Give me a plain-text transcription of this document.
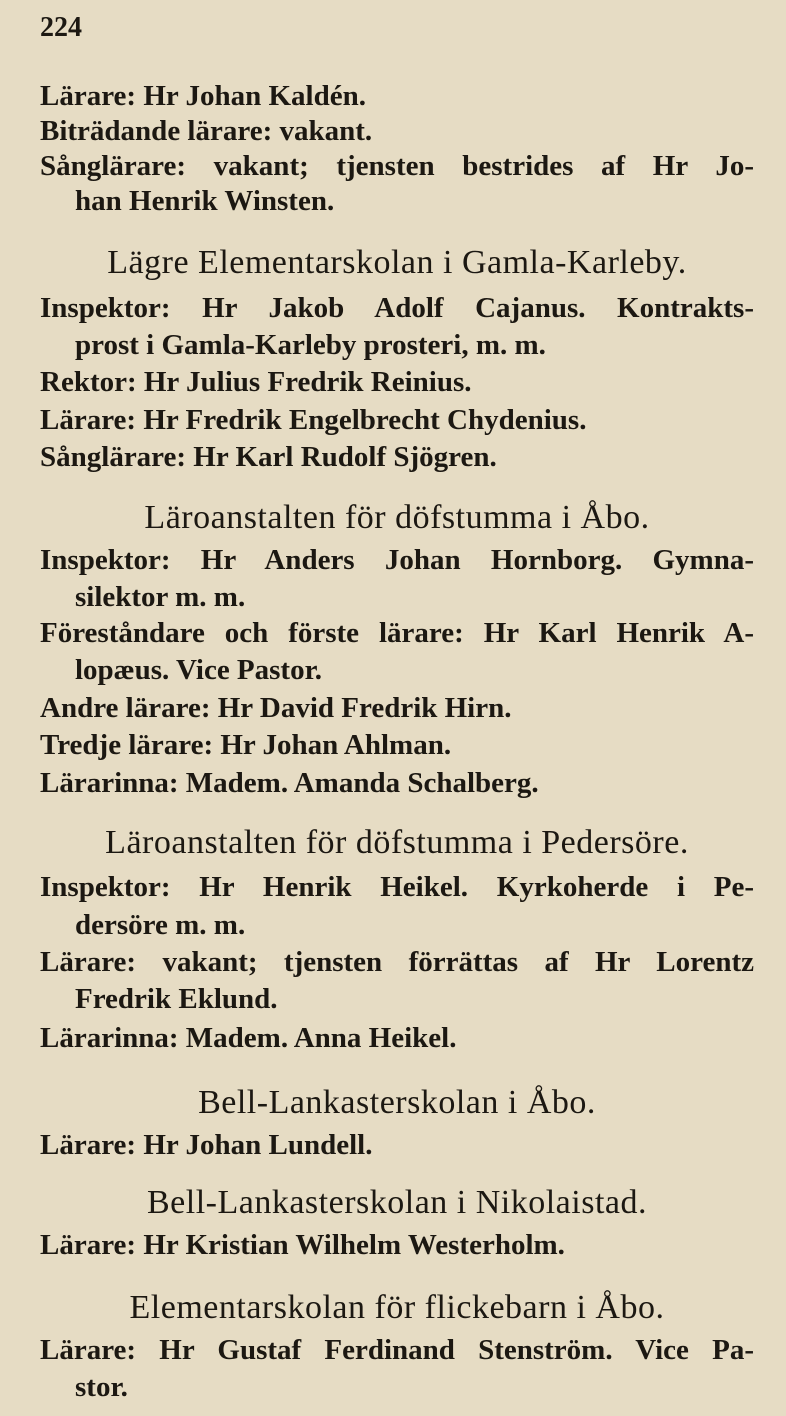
224
Lärare: Hr Johan Kaldén.
Biträdande lärare: vakant.
Sånglärare: vakant; tjensten bestrides af Hr Jo-
han Henrik Winsten.
Lägre Elementarskolan i Gamla-Karleby.
Inspektor: Hr Jakob Adolf Cajanus. Kontrakts-
prost i Gamla-Karleby prosteri, m. m.
Rektor: Hr Julius Fredrik Reinius.
Lärare: Hr Fredrik Engelbrecht Chydenius.
Sånglärare: Hr Karl Rudolf Sjögren.
Läroanstalten för döfstumma i Åbo.
Inspektor: Hr Anders Johan Hornborg. Gymna-
silektor m. m.
Föreståndare och förste lärare: Hr Karl Henrik A-
lopæus. Vice Pastor.
Andre lärare: Hr David Fredrik Hirn.
Tredje lärare: Hr Johan Ahlman.
Lärarinna: Madem. Amanda Schalberg.
Läroanstalten för döfstumma i Pedersöre.
Inspektor: Hr Henrik Heikel. Kyrkoherde i Pe-
dersöre m. m.
Lärare: vakant; tjensten förrättas af Hr Lorentz
Fredrik Eklund.
Lärarinna: Madem. Anna Heikel.
Bell-Lankasterskolan i Åbo.
Lärare: Hr Johan Lundell.
Bell-Lankasterskolan i Nikolaistad.
Lärare: Hr Kristian Wilhelm Westerholm.
Elementarskolan för flickebarn i Åbo.
Lärare: Hr Gustaf Ferdinand Stenström. Vice Pa-
stor.
